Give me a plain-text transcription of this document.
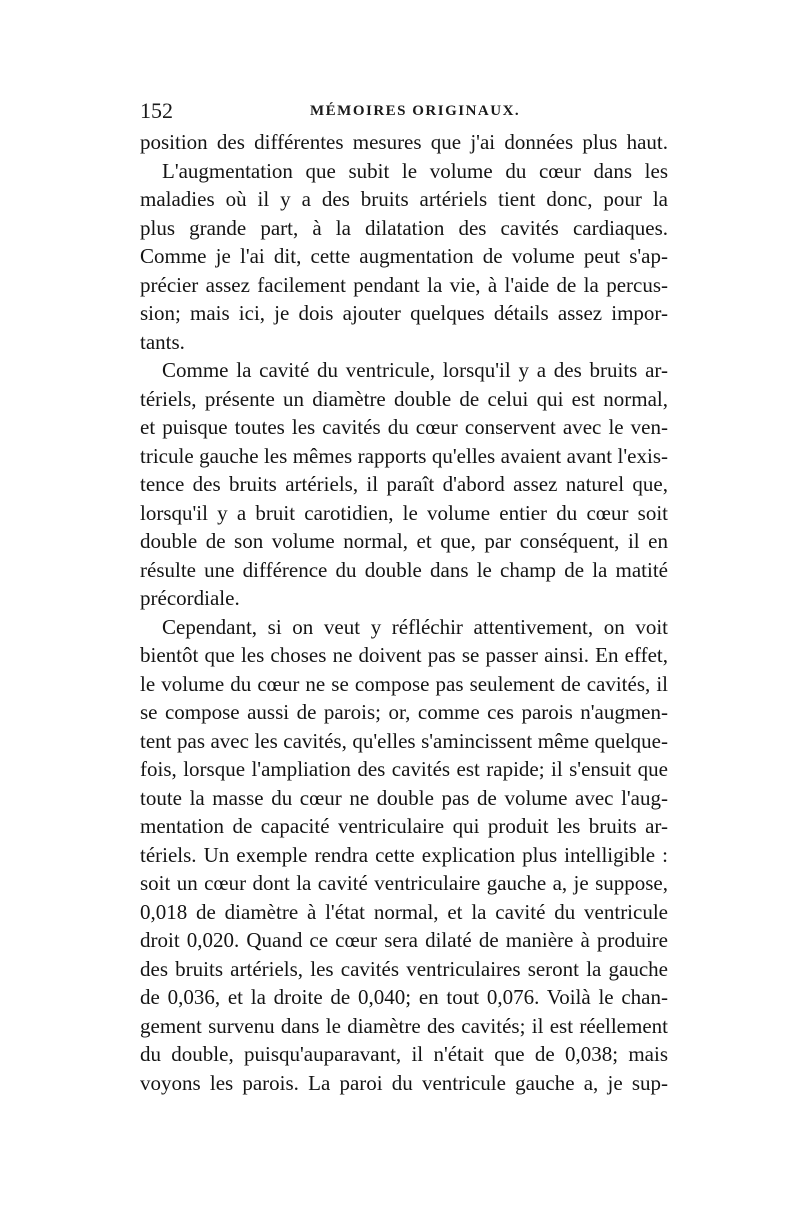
152	MÉMOIRES ORIGINAUX.
position des différentes mesures que j'ai données plus haut.
L'augmentation que subit le volume du cœur dans les
maladies où il y a des bruits artériels tient donc, pour la
plus grande part, à la dilatation des cavités cardiaques.
Comme je l'ai dit, cette augmentation de volume peut s'ap-
précier assez facilement pendant la vie, à l'aide de la percus-
sion; mais ici, je dois ajouter quelques détails assez impor-
tants.
Comme la cavité du ventricule, lorsqu'il y a des bruits ar-
tériels, présente un diamètre double de celui qui est normal,
et puisque toutes les cavités du cœur conservent avec le ven-
tricule gauche les mêmes rapports qu'elles avaient avant l'exis-
tence des bruits artériels, il paraît d'abord assez naturel que,
lorsqu'il y a bruit carotidien, le volume entier du cœur soit
double de son volume normal, et que, par conséquent, il en
résulte une différence du double dans le champ de la matité
précordiale.
Cependant, si on veut y réfléchir attentivement, on voit
bientôt que les choses ne doivent pas se passer ainsi. En effet,
le volume du cœur ne se compose pas seulement de cavités, il
se compose aussi de parois; or, comme ces parois n'augmen-
tent pas avec les cavités, qu'elles s'amincissent même quelque-
fois, lorsque l'ampliation des cavités est rapide; il s'ensuit que
toute la masse du cœur ne double pas de volume avec l'aug-
mentation de capacité ventriculaire qui produit les bruits ar-
tériels. Un exemple rendra cette explication plus intelligible :
soit un cœur dont la cavité ventriculaire gauche a, je suppose,
0,018 de diamètre à l'état normal, et la cavité du ventricule
droit 0,020. Quand ce cœur sera dilaté de manière à produire
des bruits artériels, les cavités ventriculaires seront la gauche
de 0,036, et la droite de 0,040; en tout 0,076. Voilà le chan-
gement survenu dans le diamètre des cavités; il est réellement
du double, puisqu'auparavant, il n'était que de 0,038; mais
voyons les parois. La paroi du ventricule gauche a, je sup-
